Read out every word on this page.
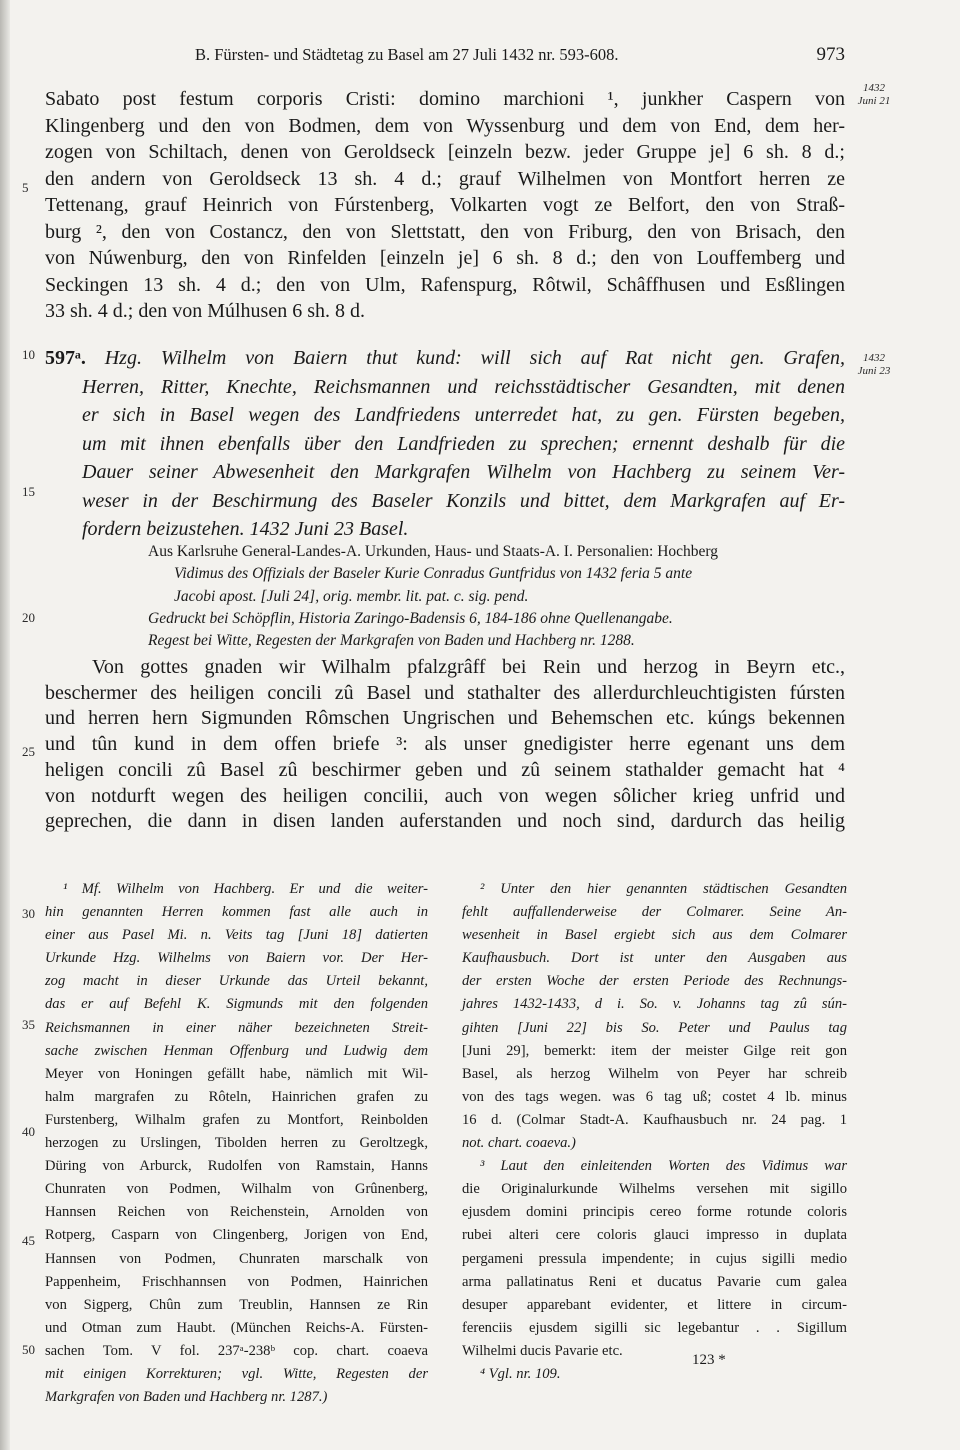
B. Fürsten- und Städtetag zu Basel am 27 Juli 1432 nr. 593-608.	973
1432
Juni 21
1432
Juni 23
5
10
15
20
25
30
35
40
45
50
Sabato post festum corporis Cristi: domino marchioni ¹, junkher Caspern von
Klingenberg und den von Bodmen, dem von Wyssenburg und dem von End, dem her-
zogen von Schiltach, denen von Geroldseck [einzeln bezw. jeder Gruppe je] 6 sh. 8 d.;
den andern von Geroldseck 13 sh. 4 d.; grauf Wilhelmen von Montfort herren ze
Tettenang, grauf Heinrich von Fúrstenberg, Volkarten vogt ze Belfort, den von Straß-
burg ², den von Costancz, den von Slettstatt, den von Friburg, den von Brisach, den
von Núwenburg, den von Rinfelden [einzeln je] 6 sh. 8 d.; den von Louffemberg und
Seckingen 13 sh. 4 d.; den von Ulm, Rafenspurg, Rôtwil, Schâffhusen und Esßlingen
33 sh. 4 d.; den von Múlhusen 6 sh. 8 d.
597ᵃ. Hzg. Wilhelm von Baiern thut kund: will sich auf Rat nicht gen. Grafen,
Herren, Ritter, Knechte, Reichsmannen und reichsstädtischer Gesandten, mit denen
er sich in Basel wegen des Landfriedens unterredet hat, zu gen. Fürsten begeben,
um mit ihnen ebenfalls über den Landfrieden zu sprechen; ernennt deshalb für die
Dauer seiner Abwesenheit den Markgrafen Wilhelm von Hachberg zu seinem Ver-
weser in der Beschirmung des Baseler Konzils und bittet, dem Markgrafen auf Er-
fordern beizustehen. 1432 Juni 23 Basel.
Aus Karlsruhe General-Landes-A. Urkunden, Haus- und Staats-A. I. Personalien: Hochberg
Vidimus des Offizials der Baseler Kurie Conradus Guntfridus von 1432 feria 5 ante
Jacobi apost. [Juli 24], orig. membr. lit. pat. c. sig. pend.
Gedruckt bei Schöpflin, Historia Zaringo-Badensis 6, 184-186 ohne Quellenangabe.
Regest bei Witte, Regesten der Markgrafen von Baden und Hachberg nr. 1288.
Von gottes gnaden wir Wilhalm pfalzgrâff bei Rein und herzog in Beyrn etc.,
beschermer des heiligen concili zû Basel und stathalter des allerdurchleuchtigisten fúrsten
und herren hern Sigmunden Rômschen Ungrischen und Behemschen etc. kúngs bekennen
und tûn kund in dem offen briefe ³: als unser gnedigister herre egenant uns dem
heligen concili zû Basel zû beschirmer geben und zû seinem stathalder gemacht hat ⁴
von notdurft wegen des heiligen concilii, auch von wegen sôlicher krieg unfrid und
geprechen, die dann in disen landen auferstanden und noch sind, dardurch das heilig
¹ Mf. Wilhelm von Hachberg. Er und die weiter-
hin genannten Herren kommen fast alle auch in
einer aus Pasel Mi. n. Veits tag [Juni 18] datierten
Urkunde Hzg. Wilhelms von Baiern vor. Der Her-
zog macht in dieser Urkunde das Urteil bekannt,
das er auf Befehl K. Sigmunds mit den folgenden
Reichsmannen in einer näher bezeichneten Streit-
sache zwischen Henman Offenburg und Ludwig dem
Meyer von Honingen gefällt habe, nämlich mit Wil-
halm margrafen zu Rôteln, Hainrichen grafen zu
Furstenberg, Wilhalm grafen zu Montfort, Reinbolden
herzogen zu Urslingen, Tibolden herren zu Geroltzegk,
Düring von Arburck, Rudolfen von Ramstain, Hanns
Chunraten von Podmen, Wilhalm von Grûnenberg,
Hannsen Reichen von Reichenstein, Arnolden von
Rotperg, Casparn von Clingenberg, Jorigen von End,
Hannsen von Podmen, Chunraten marschalk von
Pappenheim, Frischhannsen von Podmen, Hainrichen
von Sigperg, Chûn zum Treublin, Hannsen ze Rin
und Otman zum Haubt. (München Reichs-A. Fürsten-
sachen Tom. V fol. 237ᵃ-238ᵇ cop. chart. coaeva
mit einigen Korrekturen; vgl. Witte, Regesten der
Markgrafen von Baden und Hachberg nr. 1287.)
² Unter den hier genannten städtischen Gesandten
fehlt auffallenderweise der Colmarer. Seine An-
wesenheit in Basel ergiebt sich aus dem Colmarer
Kaufhausbuch. Dort ist unter den Ausgaben aus
der ersten Woche der ersten Periode des Rechnungs-
jahres 1432-1433, d i. So. v. Johanns tag zû sún-
gihten [Juni 22] bis So. Peter und Paulus tag
[Juni 29], bemerkt: item der meister Gilge reit gon
Basel, als herzog Wilhelm von Peyer har schreib
von des tags wegen. was 6 tag uß; costet 4 lb. minus
16 d. (Colmar Stadt-A. Kaufhausbuch nr. 24 pag. 1
not. chart. coaeva.)
³ Laut den einleitenden Worten des Vidimus war
die Originalurkunde Wilhelms versehen mit sigillo
ejusdem domini principis cereo forme rotunde coloris
rubei alteri cere coloris glauci impresso in duplata
pergameni pressula impendente; in cujus sigilli medio
arma pallatinatus Reni et ducatus Pavarie cum galea
desuper apparebant evidenter, et littere in circum-
ferenciis ejusdem sigilli sic legebantur . . Sigillum
Wilhelmi ducis Pavarie etc.
⁴ Vgl. nr. 109.
123 *
